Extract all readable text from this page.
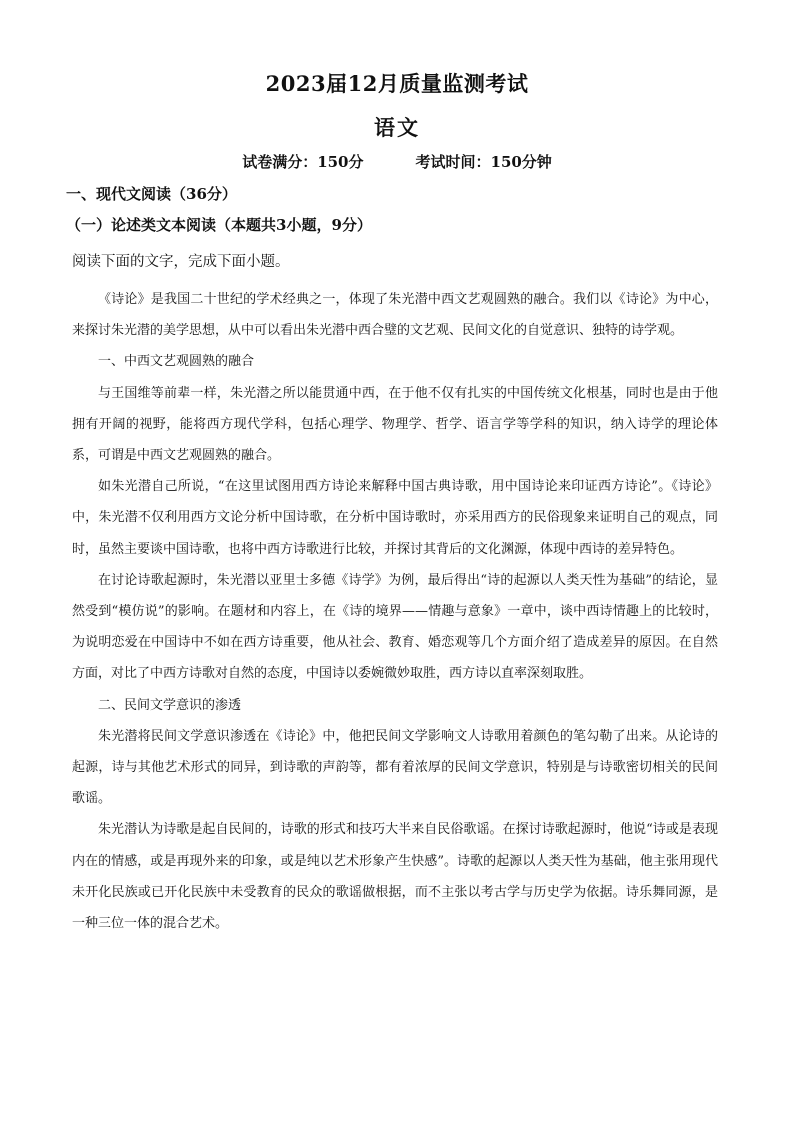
2023届12月质量监测考试
语文
试卷满分：150分	考试时间：150分钟
一、现代文阅读（36分）
（一）论述类文本阅读（本题共3小题，9分）
阅读下面的文字，完成下面小题。

《诗论》是我国二十世纪的学术经典之一，体现了朱光潜中西文艺观圆熟的融合。我们以《诗论》为中心，来探讨朱光潜的美学思想，从中可以看出朱光潜中西合璧的文艺观、民间文化的自觉意识、独特的诗学观。

一、中西文艺观圆熟的融合

与王国维等前辈一样，朱光潜之所以能贯通中西，在于他不仅有扎实的中国传统文化根基，同时也是由于他拥有开阔的视野，能将西方现代学科，包括心理学、物理学、哲学、语言学等学科的知识，纳入诗学的理论体系，可谓是中西文艺观圆熟的融合。

如朱光潜自己所说，“在这里试图用西方诗论来解释中国古典诗歌，用中国诗论来印证西方诗论”。《诗论》中，朱光潜不仅利用西方文论分析中国诗歌，在分析中国诗歌时，亦采用西方的民俗现象来证明自己的观点，同时，虽然主要谈中国诗歌，也将中西方诗歌进行比较，并探讨其背后的文化渊源，体现中西诗的差异特色。

在讨论诗歌起源时，朱光潜以亚里士多德《诗学》为例，最后得出“诗的起源以人类天性为基础”的结论，显然受到“模仿说”的影响。在题材和内容上，在《诗的境界——情趣与意象》一章中，谈中西诗情趣上的比较时，为说明恋爱在中国诗中不如在西方诗重要，他从社会、教育、婚恋观等几个方面介绍了造成差异的原因。在自然方面，对比了中西方诗歌对自然的态度，中国诗以委婉微妙取胜，西方诗以直率深刻取胜。

二、民间文学意识的渗透

朱光潜将民间文学意识渗透在《诗论》中，他把民间文学影响文人诗歌用着颜色的笔勾勒了出来。从论诗的起源，诗与其他艺术形式的同异，到诗歌的声韵等，都有着浓厚的民间文学意识，特别是与诗歌密切相关的民间歌谣。

朱光潜认为诗歌是起自民间的，诗歌的形式和技巧大半来自民俗歌谣。在探讨诗歌起源时，他说“诗或是表现内在的情感，或是再现外来的印象，或是纯以艺术形象产生快感”。诗歌的起源以人类天性为基础，他主张用现代未开化民族或已开化民族中未受教育的民众的歌谣做根据，而不主张以考古学与历史学为依据。诗乐舞同源，是一种三位一体的混合艺术。
